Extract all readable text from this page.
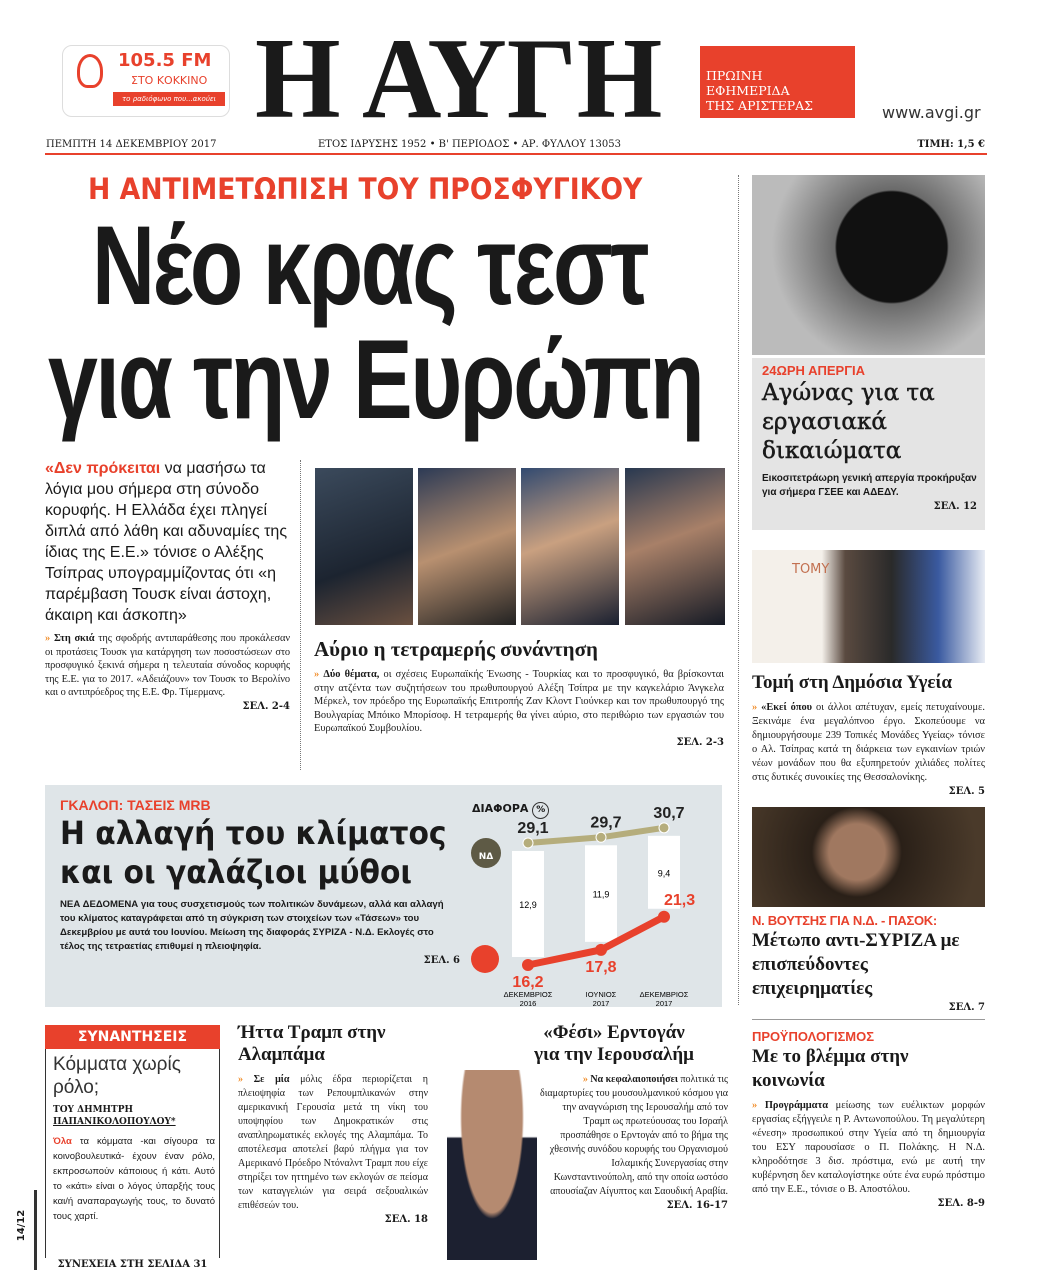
105.5 FM
ΣΤΟ ΚΟΚΚΙΝΟ
το ραδιόφωνο που...ακούει Η ΑΥΓΗ	ΠΡΩΙΝΗ
ΕΦΗΜΕΡΙΔΑ
ΤΗΣ ΑΡΙΣΤΕΡΑΣ	www.avgi.gr
ΠΕΜΠΤΗ 14 ΔΕΚΕΜΒΡΙΟΥ 2017	ΕΤΟΣ ΙΔΡΥΣΗΣ 1952 • Β' ΠΕΡΙΟΔΟΣ • ΑΡ. ΦΥΛΛΟΥ 13053	ΤΙΜΗ: 1,5 €
Η ΑΝΤΙΜΕΤΩΠΙΣΗ ΤΟΥ ΠΡΟΣΦΥΓΙΚΟΥ
Νέο κρας τεστ
για την Ευρώπη
«Δεν πρόκειται να μασήσω τα λόγια μου σήμερα στη σύνοδο κορυφής. Η Ελλάδα έχει πληγεί διπλά από λάθη και αδυναμίες της ίδιας της Ε.Ε.» τόνισε ο Αλέξης Τσίπρας υπογραμμίζοντας ότι «η παρέμβαση Τουσκ είναι άστοχη, άκαιρη και άσκοπη»
» Στη σκιά της σφοδρής αντιπαράθεσης που προκάλεσαν οι προτάσεις Τουσκ για κατάργηση των ποσοστώσεων στο προσφυγικό ξεκινά σήμερα η τελευταία σύνοδος κορυφής της Ε.Ε. για το 2017. «Αδειάζουν» τον Τουσκ το Βερολίνο και ο αντιπρόεδρος της Ε.Ε. Φρ. Τίμερμανς.
ΣΕΛ. 2-4
Αύριο η τετραμερής συνάντηση
» Δύο θέματα, οι σχέσεις Ευρωπαϊκής Ένωσης - Τουρκίας και το προσφυγικό, θα βρίσκονται στην ατζέντα των συζητήσεων του πρωθυπουργού Αλέξη Τσίπρα με την καγκελάριο Άνγκελα Μέρκελ, τον πρόεδρο της Ευρωπαϊκής Επιτροπής Ζαν Κλοντ Γιούνκερ και τον πρωθυπουργό της Βουλγαρίας Μπόικο Μπορίσοφ. Η τετραμερής θα γίνει αύριο, στο περιθώριο των εργασιών του Ευρωπαϊκού Συμβουλίου.
ΣΕΛ. 2-3
24ΩΡΗ ΑΠΕΡΓΙΑ
Αγώνας για τα εργασιακά δικαιώματα
Εικοσιτετράωρη γενική απεργία προκήρυξαν για σήμερα ΓΣΕΕ και ΑΔΕΔΥ.
ΣΕΛ. 12
TOMY
Τομή στη Δημόσια Υγεία
» «Εκεί όπου οι άλλοι απέτυχαν, εμείς πετυχαίνουμε. Ξεκινάμε ένα μεγαλόπνοο έργο. Σκοπεύουμε να δημιουργήσουμε 239 Τοπικές Μονάδες Υγείας» τόνισε ο Αλ. Τσίπρας κατά τη διάρκεια των εγκαινίων τριών νέων μονάδων που θα εξυπηρετούν χιλιάδες πολίτες στις δυτικές συνοικίες της Θεσσαλονίκης.
ΣΕΛ. 5
Ν. ΒΟΥΤΣΗΣ ΓΙΑ Ν.Δ. - ΠΑΣΟΚ:
Μέτωπο αντι-ΣΥΡΙΖΑ με επισπεύδοντες επιχειρηματίες
ΣΕΛ. 7
ΠΡΟΫΠΟΛΟΓΙΣΜΟΣ
Με το βλέμμα στην κοινωνία
» Προγράμματα μείωσης των ευέλικτων μορφών εργασίας εξήγγειλε η Ρ. Αντωνοπούλου. Τη μεγαλύτερη «ένεση» προσωπικού στην Υγεία από τη δημιουργία του ΕΣΥ παρουσίασε ο Π. Πολάκης. Η Ν.Δ. κληροδότησε 3 δισ. πρόστιμα, ενώ με αυτή την κυβέρνηση δεν καταλογίστηκε ούτε ένα ευρώ πρόστιμο από την Ε.Ε., τόνισε ο Β. Αποστόλου.
ΣΕΛ. 8-9
ΓΚΑΛΟΠ: ΤΑΣΕΙΣ MRB
Η αλλαγή του κλίματος
και οι γαλάζιοι μύθοι
ΝΕΑ ΔΕΔΟΜΕΝΑ για τους συσχετισμούς των πολιτικών δυνάμεων, αλλά και αλλαγή του κλίματος καταγράφεται από τη σύγκριση των στοιχείων των «Τάσεων» του Δεκεμβρίου με αυτά του Ιουνίου. Μείωση της διαφοράς ΣΥΡΙΖΑ - Ν.Δ. Εκλογές στο τέλος της τετραετίας επιθυμεί η πλειοψηφία.
ΣΕΛ. 6
ΔΙΑΦΟΡΑ %
ΝΔ
12,9
11,9
9,4
29,1	29,7
30,7
16,2
17,8
21,3
ΔΕΚΕΜΒΡΙΟΣ
2016
ΙΟΥΝΙΟΣ
2017
ΔΕΚΕΜΒΡΙΟΣ
2017
14/12
ΣΥΝΑΝΤΗΣΕΙΣ
Κόμματα χωρίς ρόλο;
ΤΟΥ ΔΗΜΗΤΡΗ
ΠΑΠΑΝΙΚΟΛΟΠΟΥΛΟΥ*
Όλα τα κόμματα -και σίγουρα τα κοινοβουλευτικά- έχουν έναν ρόλο, εκπροσωπούν κάποιους ή κάτι. Αυτό το «κάτι» είναι ο λόγος ύπαρξής τους και/ή αναπαραγωγής τους, το δυνατό τους χαρτί.
ΣΥΝΕΧΕΙΑ ΣΤΗ ΣΕΛΙΔΑ 31
Ήττα Τραμπ στην Αλαμπάμα
» Σε μία μόλις έδρα περιορίζεται η πλειοψηφία των Ρεπουμπλικανών στην αμερικανική Γερουσία μετά τη νίκη του υποψηφίου των Δημοκρατικών στις αναπληρωματικές εκλογές της Αλαμπάμα. Το αποτέλεσμα αποτελεί βαρύ πλήγμα για τον Αμερικανό Πρόεδρο Ντόναλντ Τραμπ που είχε στηρίξει τον ηττημένο των εκλογών σε πείσμα των καταγγελιών για σειρά σεξουαλικών επιθέσεών του.
ΣΕΛ. 18
«Φέσι» Ερντογάν
για την Ιερουσαλήμ
» Να κεφαλαιοποιήσει πολιτικά τις διαμαρτυρίες του μουσουλμανικού κόσμου για την αναγνώριση της Ιερουσαλήμ από τον Τραμπ ως πρωτεύουσας του Ισραήλ προσπάθησε ο Ερντογάν από το βήμα της χθεσινής συνόδου κορυφής του Οργανισμού Ισλαμικής Συνεργασίας στην Κωνσταντινούπολη, από την οποία ωστόσο απουσίαζαν Αίγυπτος και Σαουδική Αραβία.
ΣΕΛ. 16-17
